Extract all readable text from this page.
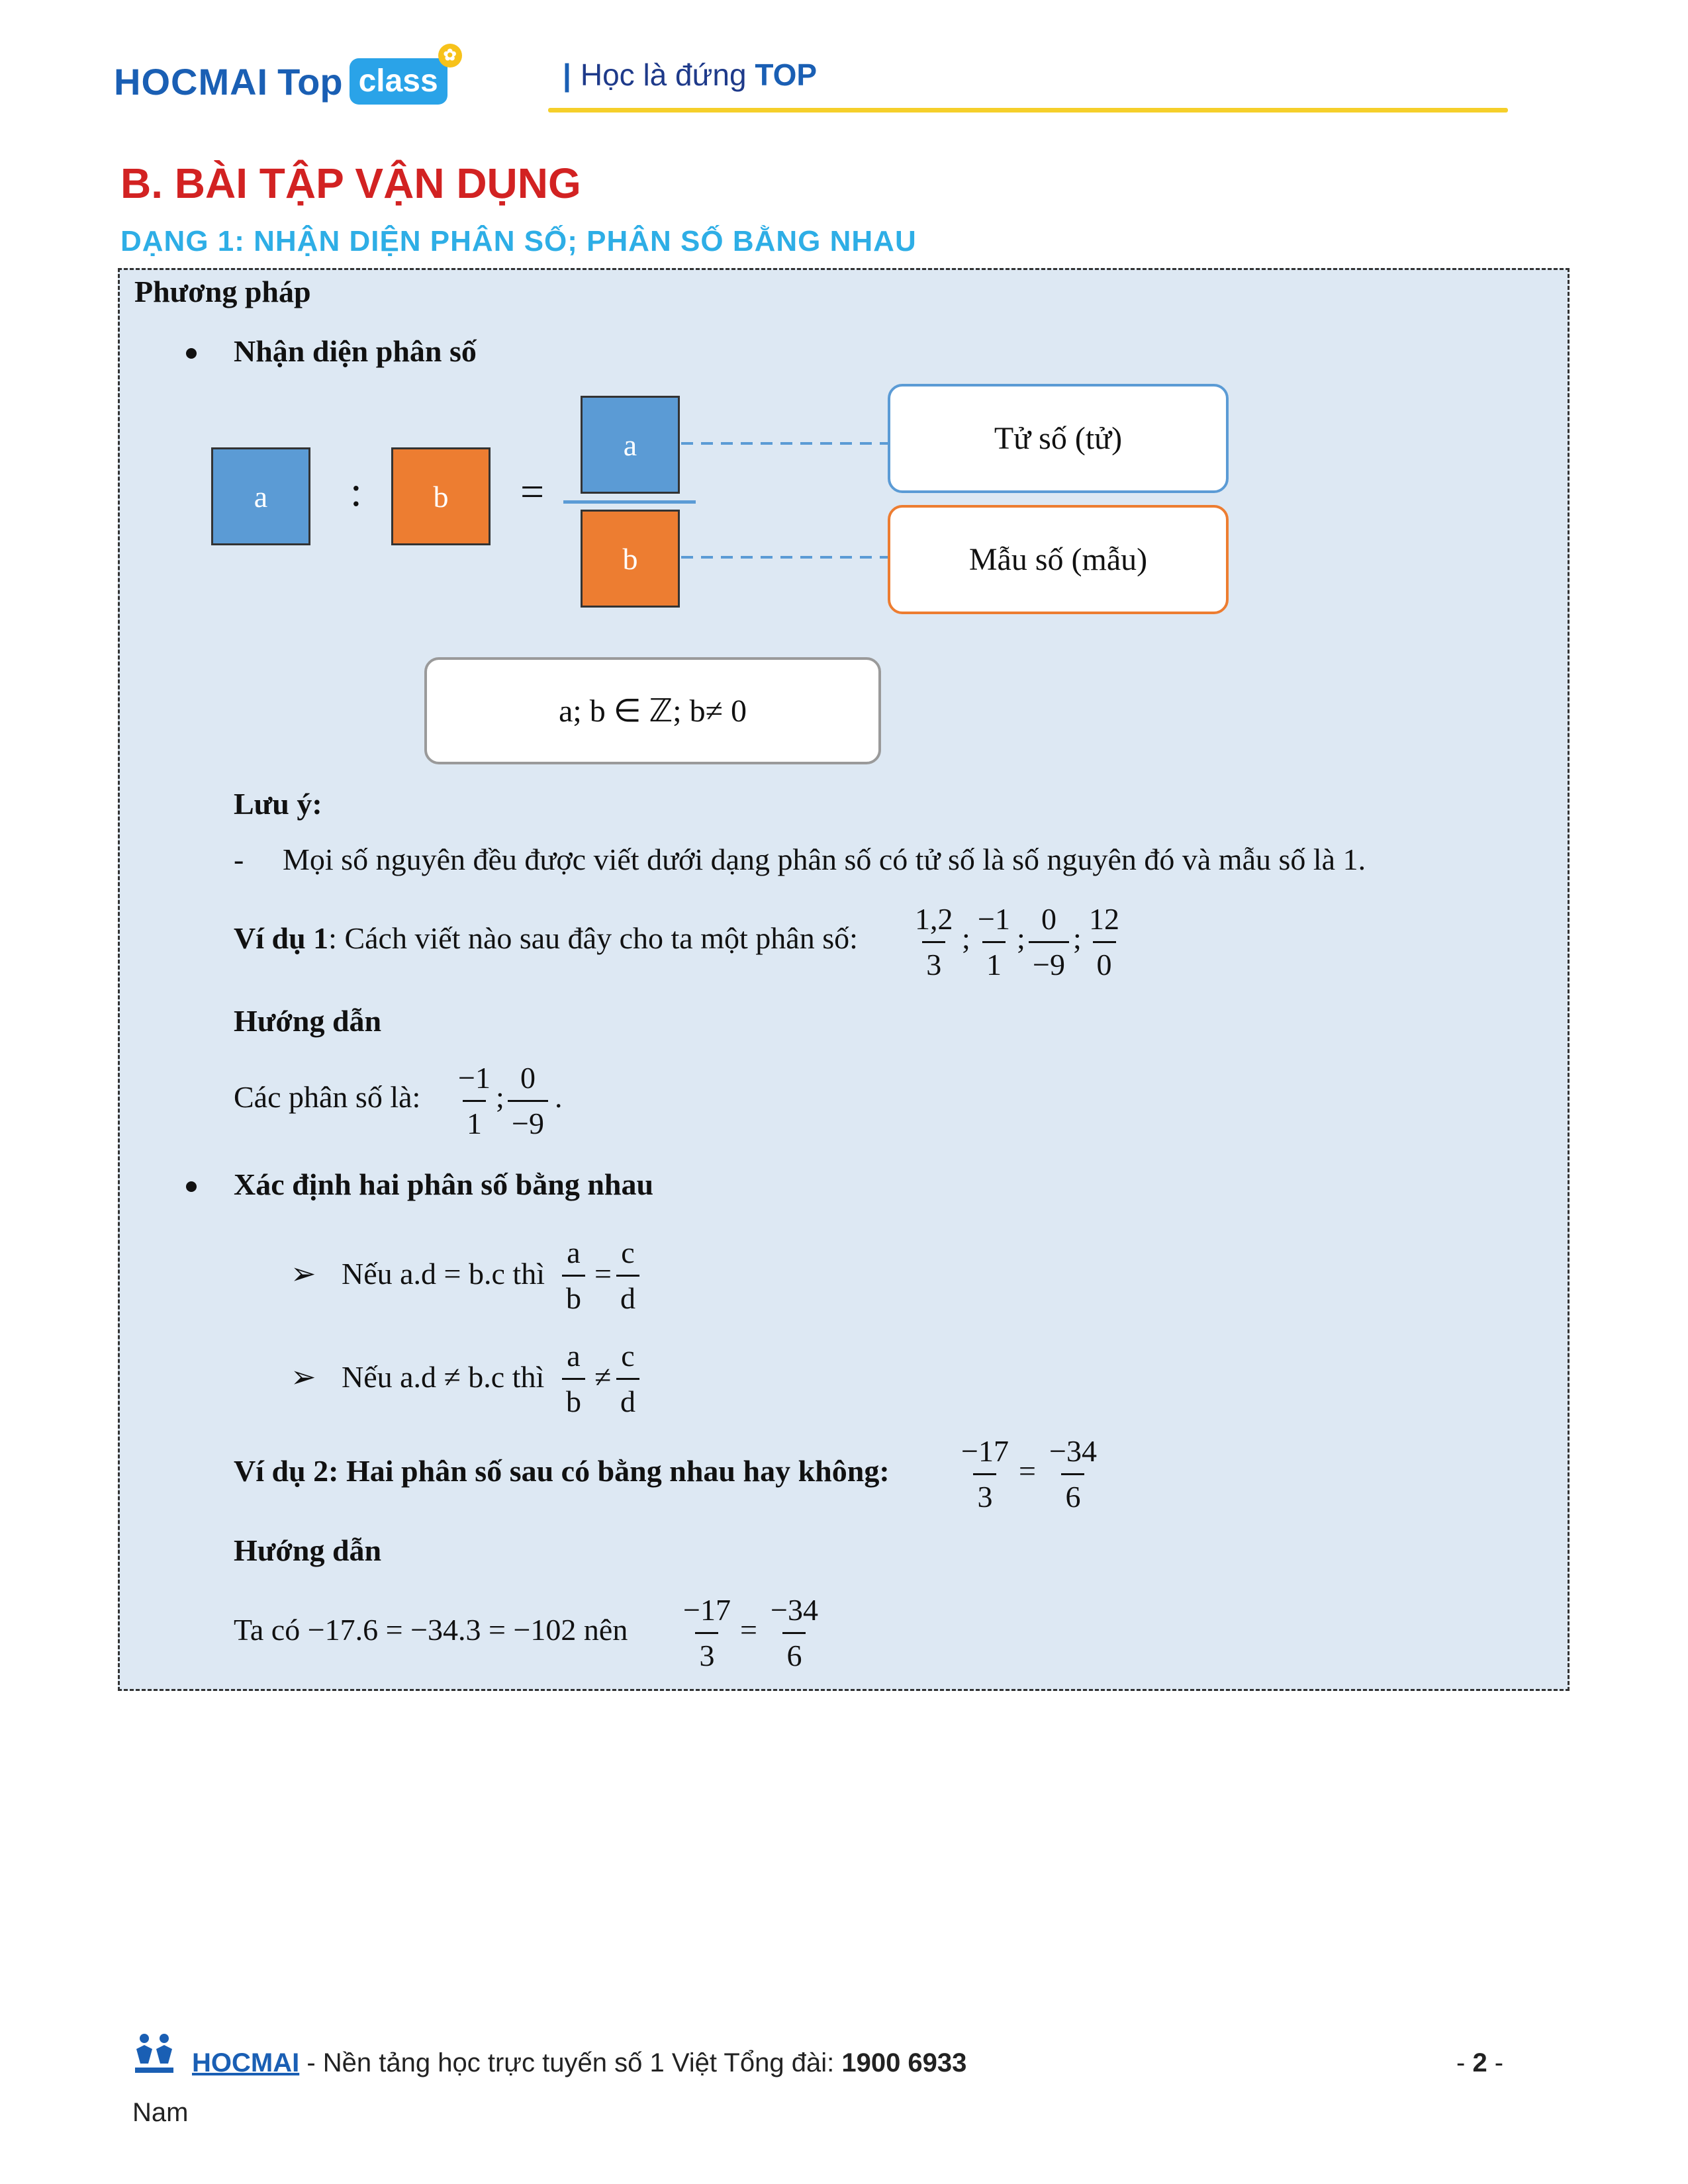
HOCMAI Top class
✿
| Học là đứng TOP
B. BÀI TẬP VẬN DỤNG
DẠNG 1: NHẬN DIỆN PHÂN SỐ; PHÂN SỐ BẰNG NHAU
Phương pháp
Nhận diện phân số
a : b =
a
b
Tử số (tử)
Mẫu số (mẫu)
a; b ∈ ℤ; b≠ 0
Lưu ý:
- Mọi số nguyên đều được viết dưới dạng phân số có tử số là số nguyên đó và mẫu số là 1.
Ví dụ 1: Cách viết nào sau đây cho ta một phân số: $\frac{1,2}{3}$ ; $\frac{-1}{1}$ ; $\frac{0}{-9}$ ; $\frac{12}{0}$
Hướng dẫn
Các phân số là: $\frac{-1}{1}$ ; $\frac{0}{-9}$ .
Xác định hai phân số bằng nhau
➢ Nếu a.d = b.c thì $\frac{a}{b} = \frac{c}{d}$
➢ Nếu a.d ≠ b.c thì $\frac{a}{b} \ne \frac{c}{d}$
Ví dụ 2: Hai phân số sau có bằng nhau hay không: $\frac{-17}{3} = \frac{-34}{6}$
Hướng dẫn
Ta có −17.6 = −34.3 = −102 nên $\frac{-17}{3} = \frac{-34}{6}$
HOCMAI - Nền tảng học trực tuyến số 1 Việt Tổng đài: 1900 6933	- 2 -
Nam
